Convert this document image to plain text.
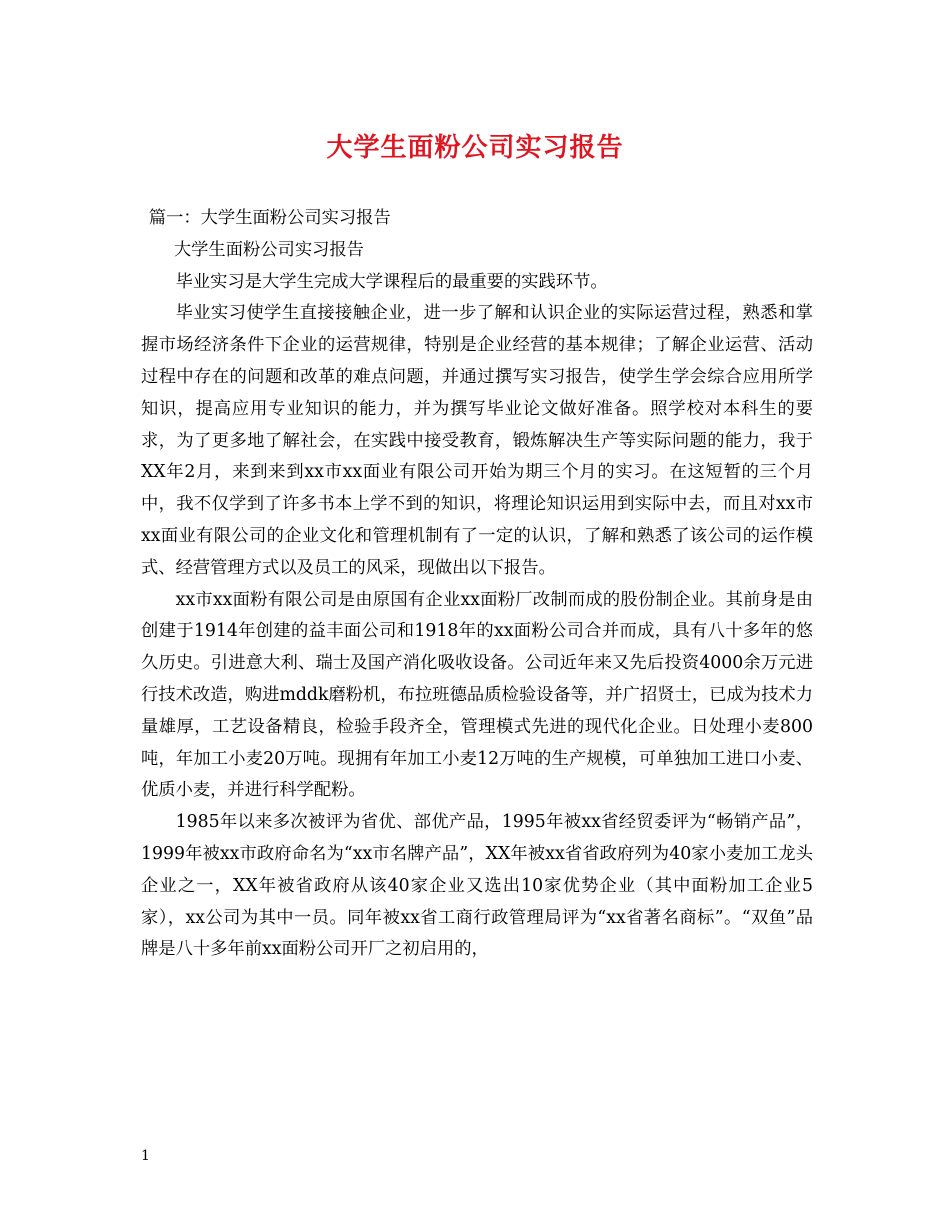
大学生面粉公司实习报告

篇一：大学生面粉公司实习报告

大学生面粉公司实习报告

毕业实习是大学生完成大学课程后的最重要的实践环节。

毕业实习使学生直接接触企业，进一步了解和认识企业的实际运营过程，熟悉和掌握市场经济条件下企业的运营规律，特别是企业经营的基本规律；了解企业运营、活动过程中存在的问题和改革的难点问题，并通过撰写实习报告，使学生学会综合应用所学知识，提高应用专业知识的能力，并为撰写毕业论文做好准备。照学校对本科生的要求，为了更多地了解社会，在实践中接受教育，锻炼解决生产等实际问题的能力，我于XX年2月，来到来到xx市xx面业有限公司开始为期三个月的实习。在这短暂的三个月中，我不仅学到了许多书本上学不到的知识，将理论知识运用到实际中去，而且对xx市xx面业有限公司的企业文化和管理机制有了一定的认识，了解和熟悉了该公司的运作模式、经营管理方式以及员工的风采，现做出以下报告。

xx市xx面粉有限公司是由原国有企业xx面粉厂改制而成的股份制企业。其前身是由创建于1914年创建的益丰面公司和1918年的xx面粉公司合并而成，具有八十多年的悠久历史。引进意大利、瑞士及国产消化吸收设备。公司近年来又先后投资4000余万元进行技术改造，购进mddk磨粉机，布拉班德品质检验设备等，并广招贤士，已成为技术力量雄厚，工艺设备精良，检验手段齐全，管理模式先进的现代化企业。日处理小麦800吨，年加工小麦20万吨。现拥有年加工小麦12万吨的生产规模，可单独加工进口小麦、优质小麦，并进行科学配粉。

1985年以来多次被评为省优、部优产品，1995年被xx省经贸委评为“畅销产品”，1999年被xx市政府命名为“xx市名牌产品”，XX年被xx省省政府列为40家小麦加工龙头企业之一，XX年被省政府从该40家企业又选出10家优势企业（其中面粉加工企业5家），xx公司为其中一员。同年被xx省工商行政管理局评为“xx省著名商标”。“双鱼”品牌是八十多年前xx面粉公司开厂之初启用的，

1
